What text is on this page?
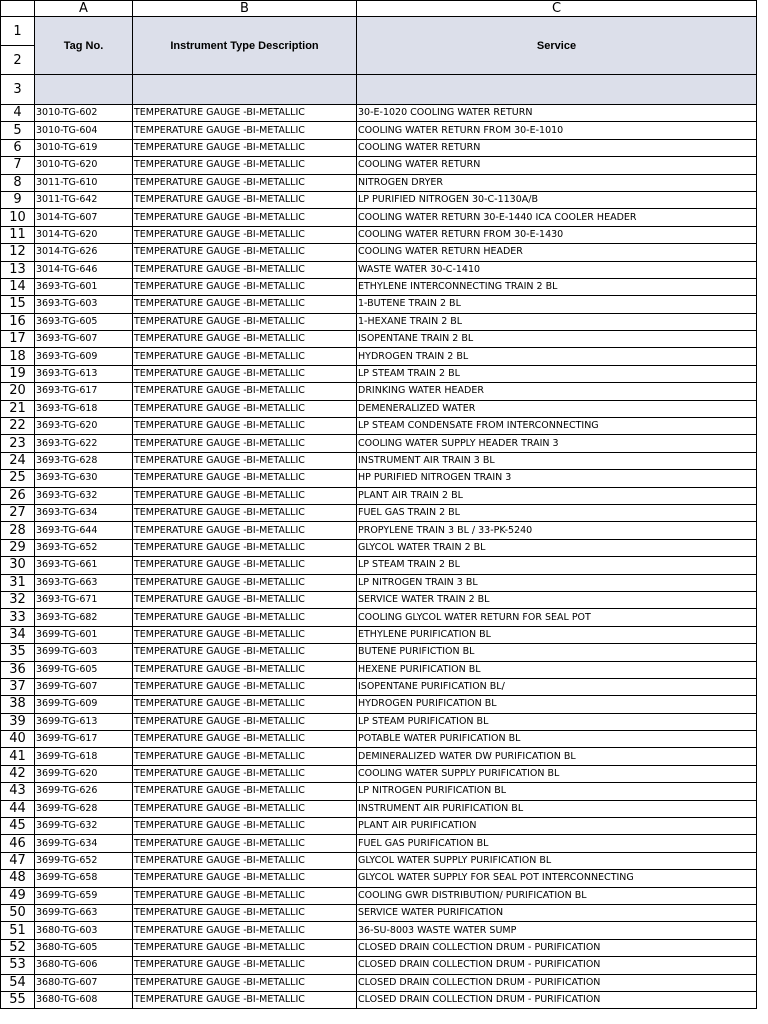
	A	B	C
1	Tag No.	Instrument Type Description	Service
2			
3			
4	3010-TG-602	TEMPERATURE GAUGE -BI-METALLIC	30-E-1020 COOLING WATER RETURN
5	3010-TG-604	TEMPERATURE GAUGE -BI-METALLIC	COOLING WATER RETURN FROM 30-E-1010
6	3010-TG-619	TEMPERATURE GAUGE -BI-METALLIC	COOLING WATER RETURN
7	3010-TG-620	TEMPERATURE GAUGE -BI-METALLIC	COOLING WATER RETURN
8	3011-TG-610	TEMPERATURE GAUGE -BI-METALLIC	NITROGEN DRYER
9	3011-TG-642	TEMPERATURE GAUGE -BI-METALLIC	LP PURIFIED NITROGEN 30-C-1130A/B
10	3014-TG-607	TEMPERATURE GAUGE -BI-METALLIC	COOLING WATER RETURN 30-E-1440 ICA COOLER HEADER
11	3014-TG-620	TEMPERATURE GAUGE -BI-METALLIC	COOLING WATER RETURN FROM 30-E-1430
12	3014-TG-626	TEMPERATURE GAUGE -BI-METALLIC	COOLING WATER RETURN HEADER
13	3014-TG-646	TEMPERATURE GAUGE -BI-METALLIC	WASTE WATER 30-C-1410
14	3693-TG-601	TEMPERATURE GAUGE -BI-METALLIC	ETHYLENE INTERCONNECTING TRAIN 2 BL
15	3693-TG-603	TEMPERATURE GAUGE -BI-METALLIC	1-BUTENE TRAIN 2 BL
16	3693-TG-605	TEMPERATURE GAUGE -BI-METALLIC	1-HEXANE TRAIN 2 BL
17	3693-TG-607	TEMPERATURE GAUGE -BI-METALLIC	ISOPENTANE TRAIN 2 BL
18	3693-TG-609	TEMPERATURE GAUGE -BI-METALLIC	HYDROGEN TRAIN 2 BL
19	3693-TG-613	TEMPERATURE GAUGE -BI-METALLIC	LP STEAM TRAIN 2 BL
20	3693-TG-617	TEMPERATURE GAUGE -BI-METALLIC	DRINKING WATER HEADER
21	3693-TG-618	TEMPERATURE GAUGE -BI-METALLIC	DEMENERALIZED WATER
22	3693-TG-620	TEMPERATURE GAUGE -BI-METALLIC	LP STEAM CONDENSATE FROM INTERCONNECTING
23	3693-TG-622	TEMPERATURE GAUGE -BI-METALLIC	COOLING WATER SUPPLY HEADER TRAIN 3
24	3693-TG-628	TEMPERATURE GAUGE -BI-METALLIC	INSTRUMENT AIR TRAIN 3 BL
25	3693-TG-630	TEMPERATURE GAUGE -BI-METALLIC	HP PURIFIED NITROGEN TRAIN 3
26	3693-TG-632	TEMPERATURE GAUGE -BI-METALLIC	PLANT AIR TRAIN 2 BL
27	3693-TG-634	TEMPERATURE GAUGE -BI-METALLIC	FUEL GAS TRAIN 2 BL
28	3693-TG-644	TEMPERATURE GAUGE -BI-METALLIC	PROPYLENE TRAIN 3 BL / 33-PK-5240
29	3693-TG-652	TEMPERATURE GAUGE -BI-METALLIC	GLYCOL WATER TRAIN 2 BL
30	3693-TG-661	TEMPERATURE GAUGE -BI-METALLIC	LP STEAM TRAIN 2 BL
31	3693-TG-663	TEMPERATURE GAUGE -BI-METALLIC	LP NITROGEN TRAIN 3 BL
32	3693-TG-671	TEMPERATURE GAUGE -BI-METALLIC	SERVICE WATER TRAIN 2 BL
33	3693-TG-682	TEMPERATURE GAUGE -BI-METALLIC	COOLING GLYCOL WATER RETURN FOR SEAL POT
34	3699-TG-601	TEMPERATURE GAUGE -BI-METALLIC	ETHYLENE PURIFICATION BL
35	3699-TG-603	TEMPERATURE GAUGE -BI-METALLIC	BUTENE PURIFICTION BL
36	3699-TG-605	TEMPERATURE GAUGE -BI-METALLIC	HEXENE PURIFICATION BL
37	3699-TG-607	TEMPERATURE GAUGE -BI-METALLIC	ISOPENTANE PURIFICATION BL/
38	3699-TG-609	TEMPERATURE GAUGE -BI-METALLIC	HYDROGEN PURIFICATION BL
39	3699-TG-613	TEMPERATURE GAUGE -BI-METALLIC	LP STEAM PURIFICATION BL
40	3699-TG-617	TEMPERATURE GAUGE -BI-METALLIC	POTABLE WATER PURIFICATION BL
41	3699-TG-618	TEMPERATURE GAUGE -BI-METALLIC	DEMINERALIZED WATER DW PURIFICATION BL
42	3699-TG-620	TEMPERATURE GAUGE -BI-METALLIC	COOLING WATER SUPPLY PURIFICATION BL
43	3699-TG-626	TEMPERATURE GAUGE -BI-METALLIC	LP NITROGEN PURIFICATION BL
44	3699-TG-628	TEMPERATURE GAUGE -BI-METALLIC	INSTRUMENT AIR PURIFICATION BL
45	3699-TG-632	TEMPERATURE GAUGE -BI-METALLIC	PLANT AIR PURIFICATION
46	3699-TG-634	TEMPERATURE GAUGE -BI-METALLIC	FUEL GAS PURIFICATION BL
47	3699-TG-652	TEMPERATURE GAUGE -BI-METALLIC	GLYCOL WATER SUPPLY PURIFICATION BL
48	3699-TG-658	TEMPERATURE GAUGE -BI-METALLIC	GLYCOL WATER SUPPLY FOR SEAL POT INTERCONNECTING
49	3699-TG-659	TEMPERATURE GAUGE -BI-METALLIC	COOLING GWR DISTRIBUTION/ PURIFICATION BL
50	3699-TG-663	TEMPERATURE GAUGE -BI-METALLIC	SERVICE WATER PURIFICATION
51	3680-TG-603	TEMPERATURE GAUGE -BI-METALLIC	36-SU-8003 WASTE WATER SUMP
52	3680-TG-605	TEMPERATURE GAUGE -BI-METALLIC	CLOSED DRAIN COLLECTION DRUM - PURIFICATION
53	3680-TG-606	TEMPERATURE GAUGE -BI-METALLIC	CLOSED DRAIN COLLECTION DRUM - PURIFICATION
54	3680-TG-607	TEMPERATURE GAUGE -BI-METALLIC	CLOSED DRAIN COLLECTION DRUM - PURIFICATION
55	3680-TG-608	TEMPERATURE GAUGE -BI-METALLIC	CLOSED DRAIN COLLECTION DRUM - PURIFICATION
